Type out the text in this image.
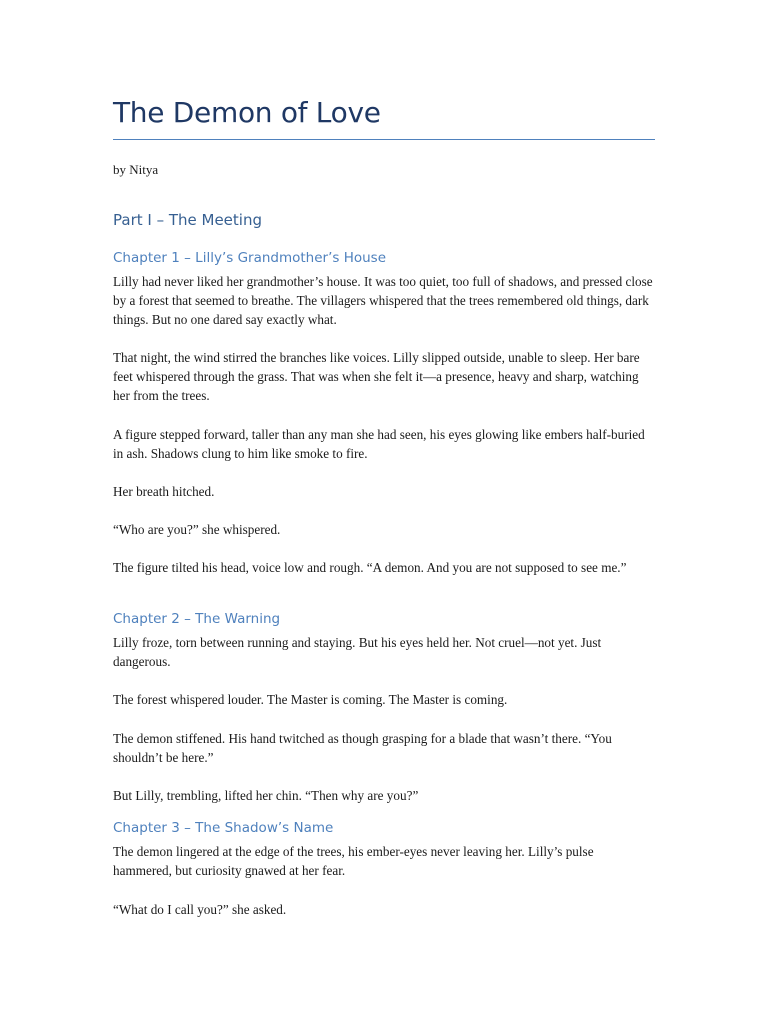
The Demon of Love

by Nitya

Part I – The Meeting
Chapter 1 – Lilly’s Grandmother’s House

Lilly had never liked her grandmother’s house. It was too quiet, too full of shadows, and pressed close by a forest that seemed to breathe. The villagers whispered that the trees remembered old things, dark things. But no one dared say exactly what.

That night, the wind stirred the branches like voices. Lilly slipped outside, unable to sleep. Her bare feet whispered through the grass. That was when she felt it—a presence, heavy and sharp, watching her from the trees.

A figure stepped forward, taller than any man she had seen, his eyes glowing like embers half-buried in ash. Shadows clung to him like smoke to fire.

Her breath hitched.

“Who are you?” she whispered.

The figure tilted his head, voice low and rough. “A demon. And you are not supposed to see me.”

Chapter 2 – The Warning

Lilly froze, torn between running and staying. But his eyes held her. Not cruel—not yet. Just dangerous.

The forest whispered louder. The Master is coming. The Master is coming.

The demon stiffened. His hand twitched as though grasping for a blade that wasn’t there. “You shouldn’t be here.”

But Lilly, trembling, lifted her chin. “Then why are you?”

Chapter 3 – The Shadow’s Name

The demon lingered at the edge of the trees, his ember-eyes never leaving her. Lilly’s pulse hammered, but curiosity gnawed at her fear.

“What do I call you?” she asked.
